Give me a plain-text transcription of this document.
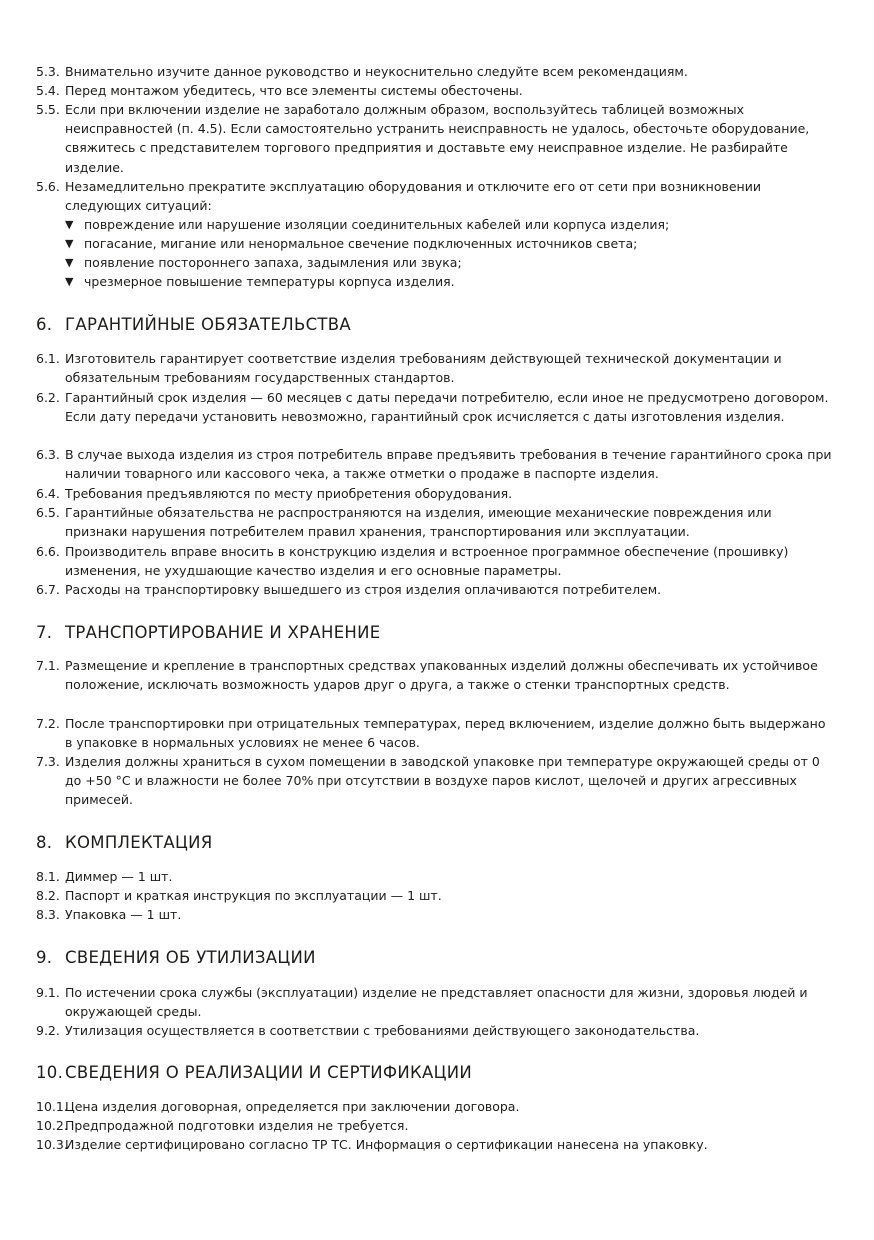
5.3. Внимательно изучите данное руководство и неукоснительно следуйте всем рекомендациям.
5.4. Перед монтажом убедитесь, что все элементы системы обесточены.
5.5. Если при включении изделие не заработало должным образом, воспользуйтесь таблицей возможных неисправностей (п. 4.5). Если самостоятельно устранить неисправность не удалось, обесточьте оборудование, свяжитесь с представителем торгового предприятия и доставьте ему неисправное изделие. Не разбирайте изделие.
5.6. Незамедлительно прекратите эксплуатацию оборудования и отключите его от сети при возникновении следующих ситуаций:
▼ повреждение или нарушение изоляции соединительных кабелей или корпуса изделия;
▼ погасание, мигание или ненормальное свечение подключенных источников света;
▼ появление постороннего запаха, задымления или звука;
▼ чрезмерное повышение температуры корпуса изделия.
6. ГАРАНТИЙНЫЕ ОБЯЗАТЕЛЬСТВА
6.1. Изготовитель гарантирует соответствие изделия требованиям действующей технической документации и обязательным требованиям государственных стандартов.
6.2. Гарантийный срок изделия — 60 месяцев с даты передачи потребителю, если иное не предусмотрено договором. Если дату передачи установить невозможно, гарантийный срок исчисляется с даты изготовления изделия.
6.3. В случае выхода изделия из строя потребитель вправе предъявить требования в течение гарантийного срока при наличии товарного или кассового чека, а также отметки о продаже в паспорте изделия.
6.4. Требования предъявляются по месту приобретения оборудования.
6.5. Гарантийные обязательства не распространяются на изделия, имеющие механические повреждения или признаки нарушения потребителем правил хранения, транспортирования или эксплуатации.
6.6. Производитель вправе вносить в конструкцию изделия и встроенное программное обеспечение (прошивку) изменения, не ухудшающие качество изделия и его основные параметры.
6.7. Расходы на транспортировку вышедшего из строя изделия оплачиваются потребителем.
7. ТРАНСПОРТИРОВАНИЕ И ХРАНЕНИЕ
7.1. Размещение и крепление в транспортных средствах упакованных изделий должны обеспечивать их устойчивое положение, исключать возможность ударов друг о друга, а также о стенки транспортных средств.
7.2. После транспортировки при отрицательных температурах, перед включением, изделие должно быть выдержано в упаковке в нормальных условиях не менее 6 часов.
7.3. Изделия должны храниться в сухом помещении в заводской упаковке при температуре окружающей среды от 0 до +50 °C и влажности не более 70% при отсутствии в воздухе паров кислот, щелочей и других агрессивных примесей.
8. КОМПЛЕКТАЦИЯ
8.1. Диммер — 1 шт.
8.2. Паспорт и краткая инструкция по эксплуатации — 1 шт.
8.3. Упаковка — 1 шт.
9. СВЕДЕНИЯ ОБ УТИЛИЗАЦИИ
9.1. По истечении срока службы (эксплуатации) изделие не представляет опасности для жизни, здоровья людей и окружающей среды.
9.2. Утилизация осуществляется в соответствии с требованиями действующего законодательства.
10. СВЕДЕНИЯ О РЕАЛИЗАЦИИ И СЕРТИФИКАЦИИ
10.1.
Цена изделия договорная, определяется при заключении договора.
10.2.
Предпродажной подготовки изделия не требуется.
10.3.
Изделие сертифицировано согласно ТР ТС. Информация о сертификации нанесена на упаковку.
